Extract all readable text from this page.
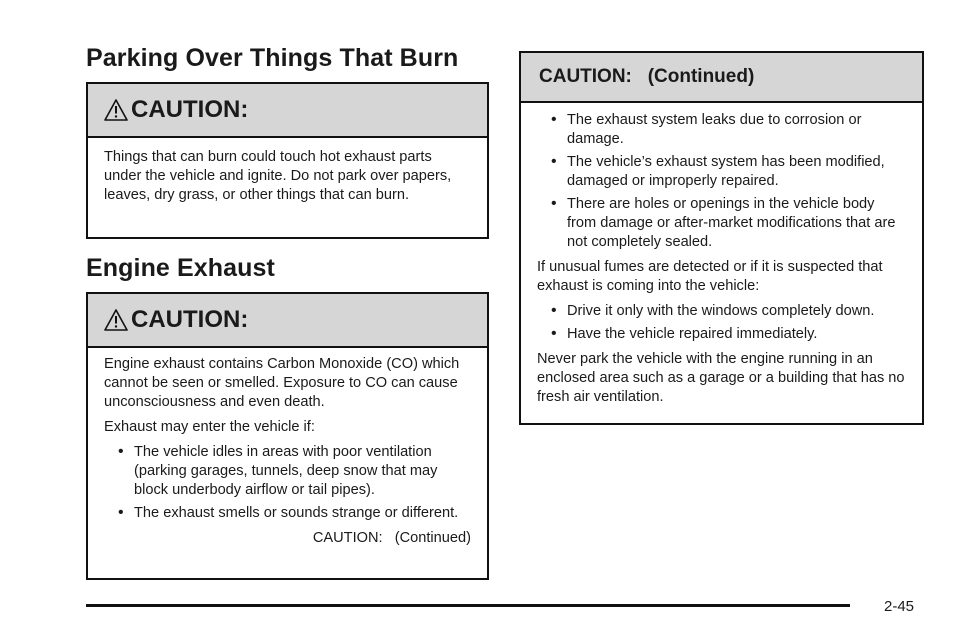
Parking Over Things That Burn
CAUTION:

Things that can burn could touch hot exhaust parts under the vehicle and ignite. Do not park over papers, leaves, dry grass, or other things that can burn.

Engine Exhaust
CAUTION:

Engine exhaust contains Carbon Monoxide (CO) which cannot be seen or smelled. Exposure to CO can cause unconsciousness and even death.

Exhaust may enter the vehicle if:

• The vehicle idles in areas with poor ventilation (parking garages, tunnels, deep snow that may block underbody airflow or tail pipes).
• The exhaust smells or sounds strange or different.
CAUTION:   (Continued)
CAUTION:   (Continued)
• The exhaust system leaks due to corrosion or damage.
• The vehicle’s exhaust system has been modified, damaged or improperly repaired.
• There are holes or openings in the vehicle body from damage or after-market modifications that are not completely sealed.

If unusual fumes are detected or if it is suspected that exhaust is coming into the vehicle:

• Drive it only with the windows completely down.
• Have the vehicle repaired immediately.

Never park the vehicle with the engine running in an enclosed area such as a garage or a building that has no fresh air ventilation.

2-45
